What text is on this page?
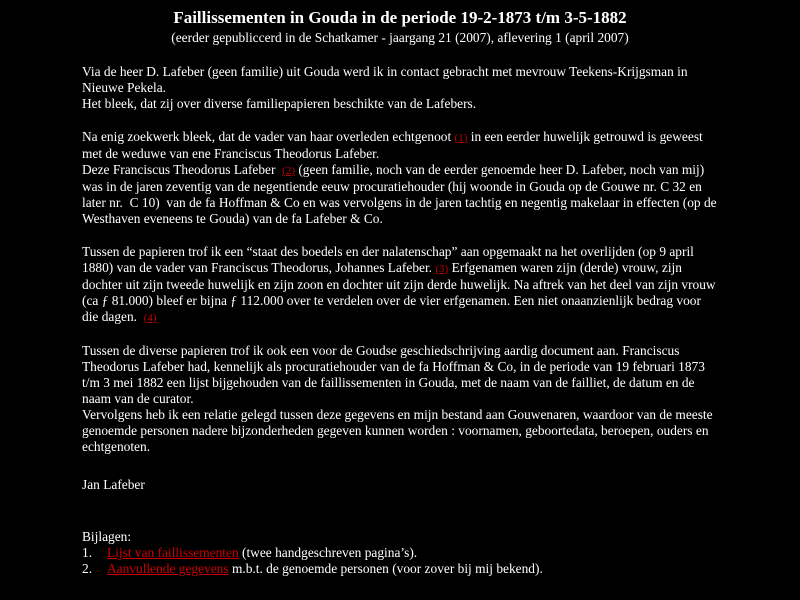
Faillissementen in Gouda in de periode 19-2-1873 t/m 3-5-1882
(eerder gepubliccerd in de Schatkamer - jaargang 21 (2007), aflevering 1 (april 2007)
Via de heer D. Lafeber (geen familie) uit Gouda werd ik in contact gebracht met mevrouw Teekens-Krijgsman in
Nieuwe Pekela.
Het bleek, dat zij over diverse familiepapieren beschikte van de Lafebers.
Na enig zoekwerk bleek, dat de vader van haar overleden echtgenoot (1) in een eerder huwelijk getrouwd is geweest
met de weduwe van ene Franciscus Theodorus Lafeber.
Deze Franciscus Theodorus Lafeber  (2) (geen familie, noch van de eerder genoemde heer D. Lafeber, noch van mij)
was in de jaren zeventig van de negentiende eeuw procuratiehouder (hij woonde in Gouda op de Gouwe nr. C 32 en
later nr.  C 10)  van de fa Hoffman & Co en was vervolgens in de jaren tachtig en negentig makelaar in effecten (op de
Westhaven eveneens te Gouda) van de fa Lafeber & Co.
Tussen de papieren trof ik een “staat des boedels en der nalatenschap” aan opgemaakt na het overlijden (op 9 april
1880) van de vader van Franciscus Theodorus, Johannes Lafeber. (3) Erfgenamen waren zijn (derde) vrouw, zijn
dochter uit zijn tweede huwelijk en zijn zoon en dochter uit zijn derde huwelijk. Na aftrek van het deel van zijn vrouw
(ca ƒ 81.000) bleef er bijna ƒ 112.000 over te verdelen over de vier erfgenamen. Een niet onaanzienlijk bedrag voor
die dagen.  (4)
Tussen de diverse papieren trof ik ook een voor de Goudse geschiedschrijving aardig document aan. Franciscus
Theodorus Lafeber had, kennelijk als procuratiehouder van de fa Hoffman & Co, in de periode van 19 februari 1873
t/m 3 mei 1882 een lijst bijgehouden van de faillissementen in Gouda, met de naam van de failliet, de datum en de
naam van de curator.
Vervolgens heb ik een relatie gelegd tussen deze gegevens en mijn bestand aan Gouwenaren, waardoor van de meeste
genoemde personen nadere bijzonderheden gegeven kunnen worden : voornamen, geboortedata, beroepen, ouders en
echtgenoten.
Jan Lafeber
Bijlagen:
1. Lijst van faillissementen (twee handgeschreven pagina’s).
2. Aanvullende gegevens m.b.t. de genoemde personen (voor zover bij mij bekend).
